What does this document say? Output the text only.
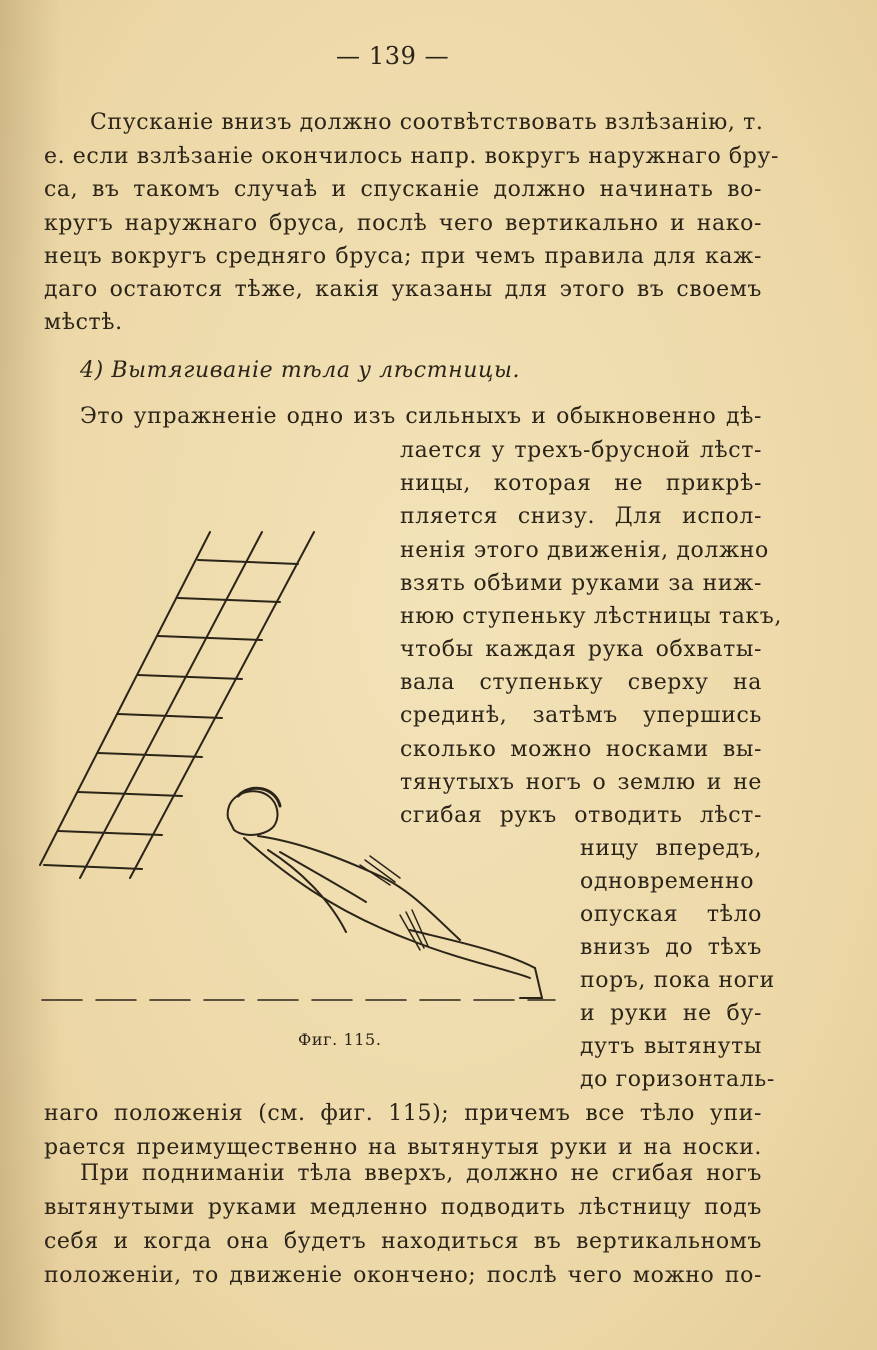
— 139 —
Спусканіе внизъ должно соотвѣтствовать взлѣзанію, т.
е. если взлѣзаніе окончилось напр. вокругъ наружнаго бру-
са, въ такомъ случаѣ и спусканіе должно начинать во-
кругъ наружнаго бруса, послѣ чего вертикально и нако-
нецъ вокругъ средняго бруса; при чемъ правила для каж-
даго остаются тѣже, какія указаны для этого въ своемъ
мѣстѣ.
4) Вытягиваніе тѣла у лѣстницы.
Это упражненіе одно изъ сильныхъ и обыкновенно дѣ-
лается у трехъ-брусной лѣст-
ницы, которая не прикрѣ-
пляется снизу. Для испол-
ненія этого движенія, должно
взять обѣими руками за ниж-
нюю ступеньку лѣстницы такъ,
чтобы каждая рука обхваты-
вала ступеньку сверху на
срединѣ, затѣмъ упершись
сколько можно носками вы-
тянутыхъ ногъ о землю и не
сгибая рукъ отводить лѣст-
ницу впередъ,
одновременно
опуская тѣло
внизъ до тѣхъ
поръ, пока ноги
и руки не бу-
дутъ вытянуты
до горизонталь-
наго положенія (см. фиг. 115); причемъ все тѣло упи-
рается преимущественно на вытянутыя руки и на носки.
При подниманіи тѣла вверхъ, должно не сгибая ногъ
вытянутыми руками медленно подводить лѣстницу подъ
себя и когда она будетъ находиться въ вертикальномъ
положеніи, то движеніе окончено; послѣ чего можно по-
Фиг. 115.
